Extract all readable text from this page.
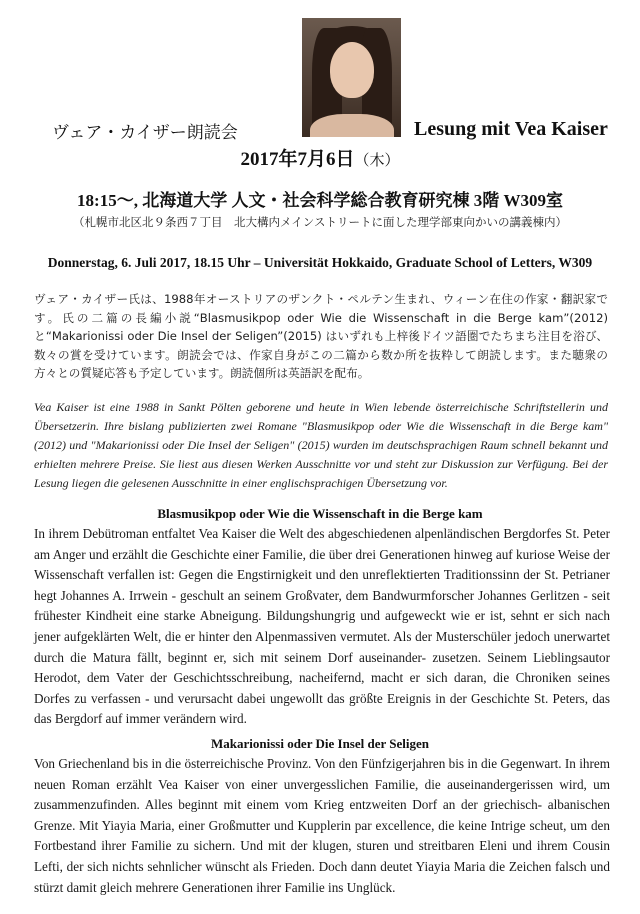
ヴェア・カイザー朗読会	Lesung mit Vea Kaiser
2017年7月6日（木）
18:15～, 北海道大学 人文・社会科学総合教育研究棟 3階 W309室
（札幌市北区北９条西７丁目　北大構内メインストリートに面した理学部東向かいの講義棟内）
Donnerstag, 6. Juli 2017, 18.15 Uhr – Universität Hokkaido, Graduate School of Letters, W309
ヴェア・カイザー氏は、1988年オーストリアのザンクト・ペルテン生まれ、ウィーン在住の作家・翻訳家です。氏の二篇の長編小説“Blasmusikpop oder Wie die Wissenschaft in die Berge kam”(2012) と“Makarionissi oder Die Insel der Seligen”(2015) はいずれも上梓後ドイツ語圏でたちまち注目を浴び、数々の賞を受けています。朗読会では、作家自身がこの二篇から数か所を抜粋して朗読します。また聴衆の方々との質疑応答も予定しています。朗読個所は英語訳を配布。
Vea Kaiser ist eine 1988 in Sankt Pölten geborene und heute in Wien lebende österreichische Schriftstellerin und Übersetzerin. Ihre bislang publizierten zwei Romane "Blasmusikpop oder Wie die Wissenschaft in die Berge kam" (2012) und "Makarionissi oder Die Insel der Seligen" (2015) wurden im deutschsprachigen Raum schnell bekannt und erhielten mehrere Preise. Sie liest aus diesen Werken Ausschnitte vor und steht zur Diskussion zur Verfügung. Bei der Lesung liegen die gelesenen Ausschnitte in einer englischsprachigen Übersetzung vor.
Blasmusikpop oder Wie die Wissenschaft in die Berge kam
In ihrem Debütroman entfaltet Vea Kaiser die Welt des abgeschiedenen alpenländischen Bergdorfes St. Peter am Anger und erzählt die Geschichte einer Familie, die über drei Generationen hinweg auf kuriose Weise der Wissenschaft verfallen ist: Gegen die Engstirnigkeit und den unreflektierten Traditionssinn der St. Petrianer hegt Johannes A. Irrwein - geschult an seinem Großvater, dem Bandwurmforscher Johannes Gerlitzen - seit frühester Kindheit eine starke Abneigung. Bildungshungrig und aufgeweckt wie er ist, sehnt er sich nach jener aufgeklärten Welt, die er hinter den Alpenmassiven vermutet. Als der Musterschüler jedoch unerwartet durch die Matura fällt, beginnt er, sich mit seinem Dorf auseinander- zusetzen. Seinem Lieblingsautor Herodot, dem Vater der Geschichtsschreibung, nacheifernd, macht er sich daran, die Chroniken seines Dorfes zu verfassen - und verursacht dabei ungewollt das größte Ereignis in der Geschichte St. Peters, das das Bergdorf auf immer verändern wird.
Makarionissi oder Die Insel der Seligen
Von Griechenland bis in die österreichische Provinz. Von den Fünfzigerjahren bis in die Gegenwart. In ihrem neuen Roman erzählt Vea Kaiser von einer unvergesslichen Familie, die auseinandergerissen wird, um zusammenzufinden. Alles beginnt mit einem vom Krieg entzweiten Dorf an der griechisch- albanischen Grenze. Mit Yiayia Maria, einer Großmutter und Kupplerin par excellence, die keine Intrige scheut, um den Fortbestand ihrer Familie zu sichern. Und mit der klugen, sturen und streitbaren Eleni und ihrem Cousin Lefti, der sich nichts sehnlicher wünscht als Frieden. Doch dann deutet Yiayia Maria die Zeichen falsch und stürzt damit gleich mehrere Generationen ihrer Familie ins Unglück.
